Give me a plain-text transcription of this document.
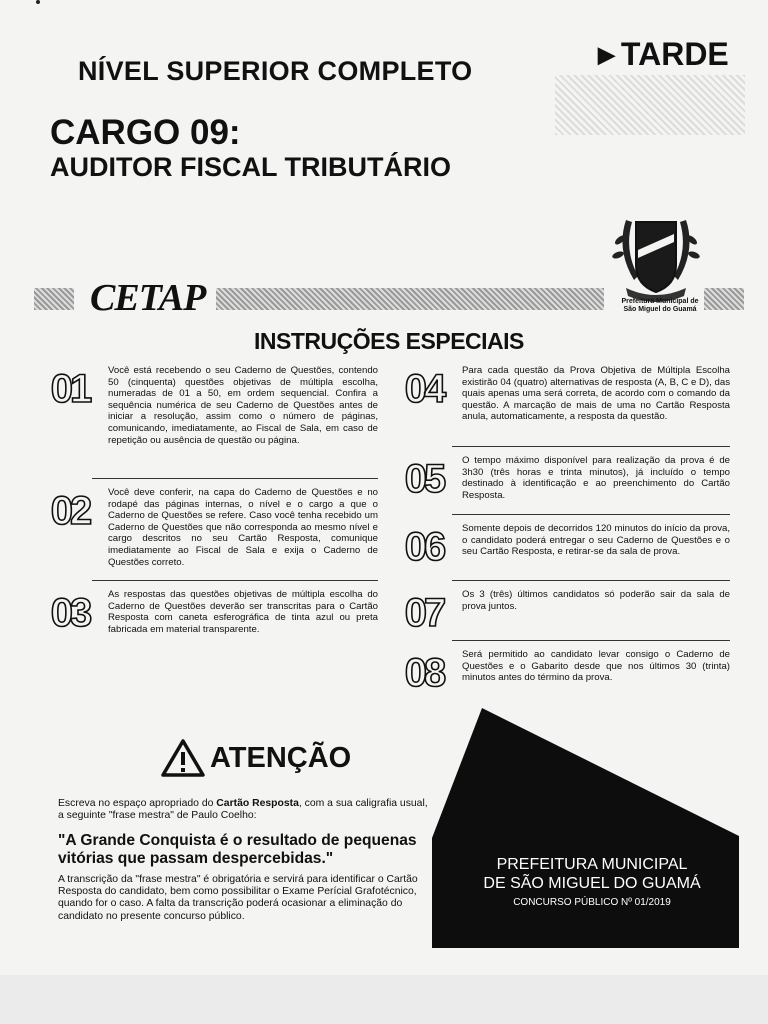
NÍVEL SUPERIOR COMPLETO
▶ TARDE
CARGO 09:
AUDITOR FISCAL TRIBUTÁRIO
Prefeitura Municipal de
São Miguel do Guamá
CETAP
INSTRUÇÕES ESPECIAIS
01	Você está recebendo o seu Caderno de Questões, contendo 50 (cinquenta) questões objetivas de múltipla escolha, numeradas de 01 a 50, em ordem sequencial. Confira a sequência numérica de seu Caderno de Questões antes de iniciar a resolução, assim como o número de páginas, comunicando, imediatamente, ao Fiscal de Sala, em caso de repetição ou ausência de questão ou página.
02	Você deve conferir, na capa do Caderno de Questões e no rodapé das páginas internas, o nível e o cargo a que o Caderno de Questões se refere. Caso você tenha recebido um Caderno de Questões que não corresponda ao mesmo nível e cargo descritos no seu Cartão Resposta, comunique imediatamente ao Fiscal de Sala e exija o Caderno de Questões correto.
03	As respostas das questões objetivas de múltipla escolha do Caderno de Questões deverão ser transcritas para o Cartão Resposta com caneta esferográfica de tinta azul ou preta fabricada em material transparente.
04	Para cada questão da Prova Objetiva de Múltipla Escolha existirão 04 (quatro) alternativas de resposta (A, B, C e D), das quais apenas uma será correta, de acordo com o comando da questão. A marcação de mais de uma no Cartão Resposta anula, automaticamente, a resposta da questão.
05	O tempo máximo disponível para realização da prova é de 3h30 (três horas e trinta minutos), já incluído o tempo destinado à identificação e ao preenchimento do Cartão Resposta.
06	Somente depois de decorridos 120 minutos do início da prova, o candidato poderá entregar o seu Caderno de Questões e o seu Cartão Resposta, e retirar-se da sala de prova.
07	Os 3 (três) últimos candidatos só poderão sair da sala de prova juntos.
08	Será permitido ao candidato levar consigo o Caderno de Questões e o Gabarito desde que nos últimos 30 (trinta) minutos antes do término da prova.
ATENÇÃO
Escreva no espaço apropriado do Cartão Resposta, com a sua caligrafia usual, a seguinte "frase mestra" de Paulo Coelho:
"A Grande Conquista é o resultado de pequenas vitórias que passam despercebidas."
A transcrição da "frase mestra" é obrigatória e servirá para identificar o Cartão Resposta do candidato, bem como possibilitar o Exame Perícial Grafotécnico, quando for o caso. A falta da transcrição poderá ocasionar a eliminação do candidato no presente concurso público.
PREFEITURA MUNICIPAL
DE SÃO MIGUEL DO GUAMÁ
CONCURSO PÚBLICO Nº 01/2019
